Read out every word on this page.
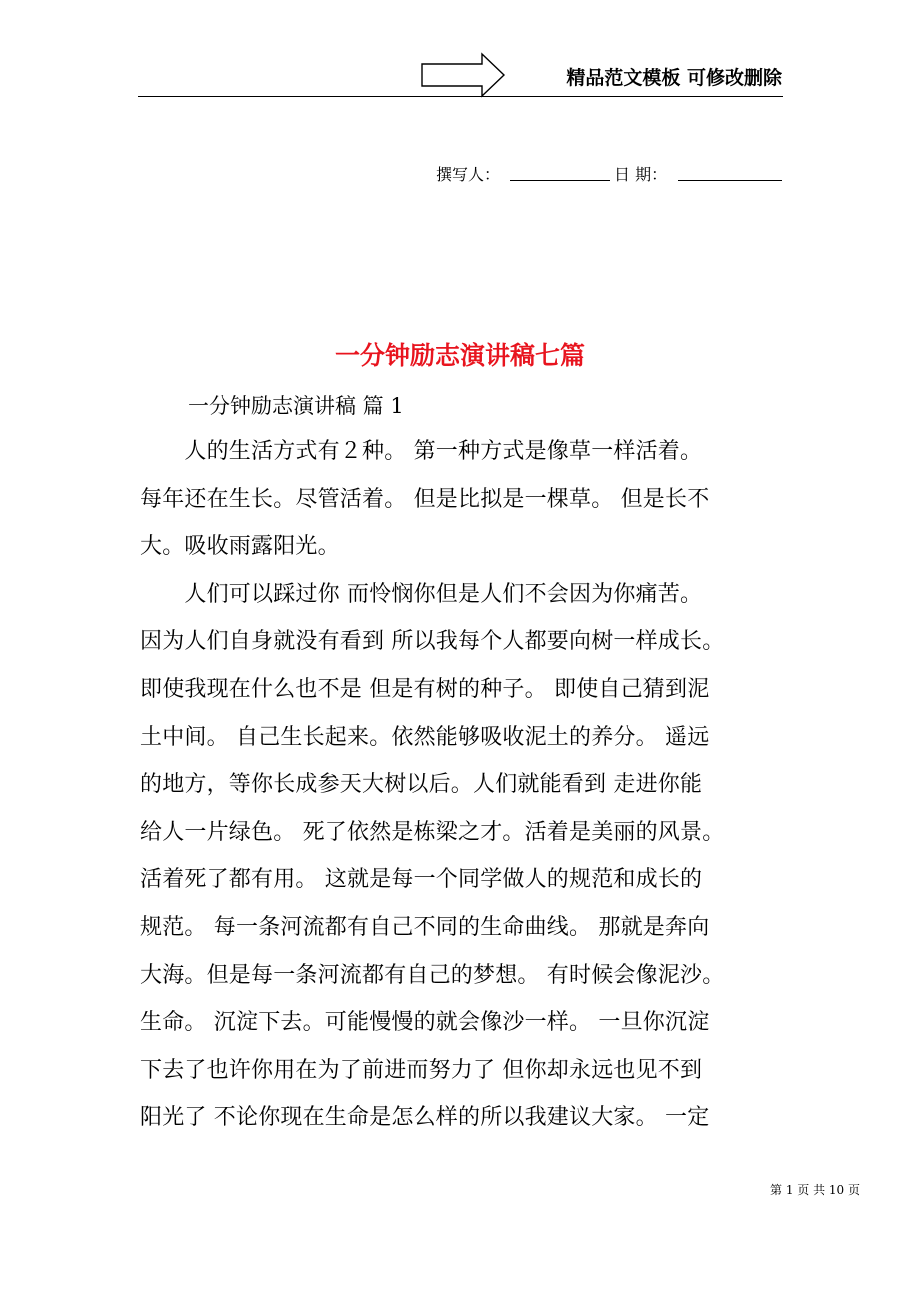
精品范文模板 可修改删除
撰写人：	日 期：
一分钟励志演讲稿七篇
一分钟励志演讲稿 篇 1
　　人的生活方式有２种。 第一种方式是像草一样活着。
每年还在生长。尽管活着。 但是比拟是一棵草。 但是长不
大。吸收雨露阳光。
　　人们可以踩过你 而怜悯你但是人们不会因为你痛苦。
因为人们自身就没有看到 所以我每个人都要向树一样成长。
即使我现在什么也不是 但是有树的种子。 即使自己猜到泥
土中间。 自己生长起来。依然能够吸收泥土的养分。 遥远
的地方，等你长成参天大树以后。人们就能看到 走进你能
给人一片绿色。 死了依然是栋梁之才。活着是美丽的风景。
活着死了都有用。 这就是每一个同学做人的规范和成长的
规范。 每一条河流都有自己不同的生命曲线。 那就是奔向
大海。但是每一条河流都有自己的梦想。 有时候会像泥沙。
生命。 沉淀下去。可能慢慢的就会像沙一样。 一旦你沉淀
下去了也许你用在为了前进而努力了 但你却永远也见不到
阳光了 不论你现在生命是怎么样的所以我建议大家。 一定
第 1 页 共 10 页
